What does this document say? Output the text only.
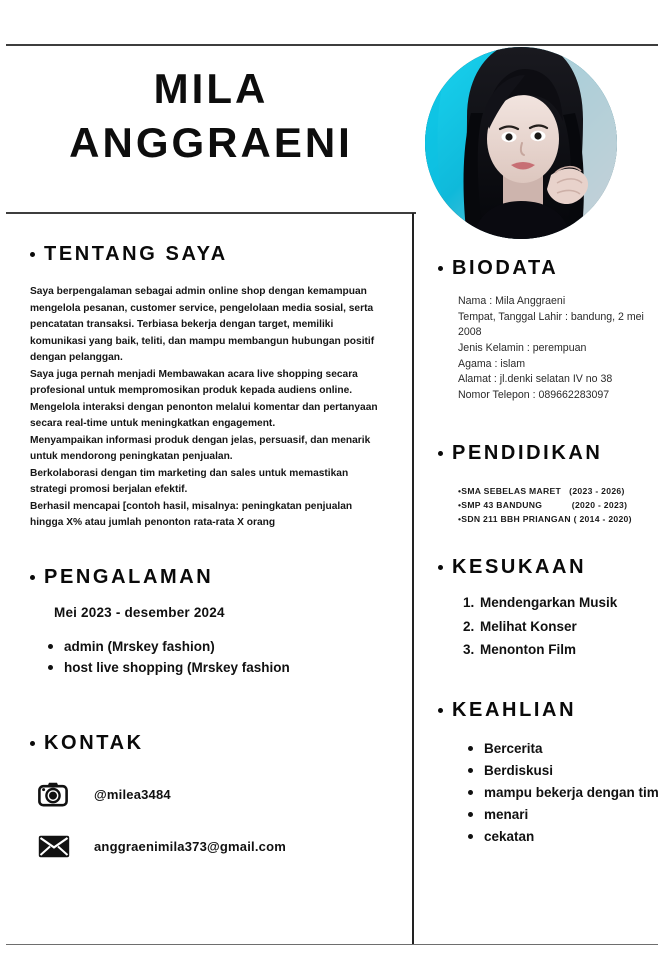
MILA
ANGGRAENI
TENTANG SAYA

Saya berpengalaman sebagai admin online shop dengan kemampuan mengelola pesanan, customer service, pengelolaan media sosial, serta pencatatan transaksi. Terbiasa bekerja dengan target, memiliki komunikasi yang baik, teliti, dan mampu membangun hubungan positif dengan pelanggan.

Saya juga pernah menjadi Membawakan acara live shopping secara profesional untuk mempromosikan produk kepada audiens online.

Mengelola interaksi dengan penonton melalui komentar dan pertanyaan secara real-time untuk meningkatkan engagement.

Menyampaikan informasi produk dengan jelas, persuasif, dan menarik untuk mendorong peningkatan penjualan.

Berkolaborasi dengan tim marketing dan sales untuk memastikan strategi promosi berjalan efektif.

Berhasil mencapai [contoh hasil, misalnya: peningkatan penjualan hingga X% atau jumlah penonton rata-rata X orang

PENGALAMAN
Mei 2023 - desember 2024
admin (Mrskey fashion)
host live shopping (Mrskey fashion
KONTAK
@milea3484
anggraenimila373@gmail.com
BIODATA
Nama : Mila Anggraeni
Tempat, Tanggal Lahir : bandung, 2 mei 2008
Jenis Kelamin : perempuan
Agama : islam
Alamat : jl.denki selatan IV no 38
Nomor Telepon : 089662283097
PENDIDIKAN
•SMA SEBELAS MARET   (2023 - 2026)
•SMP 43 BANDUNG           (2020 - 2023)
•SDN 211 BBH PRIANGAN ( 2014 - 2020)
KESUKAAN
1. Mendengarkan Musik
2. Melihat Konser
3. Menonton Film
KEAHLIAN
Bercerita
Berdiskusi
mampu bekerja dengan tim
menari
cekatan
